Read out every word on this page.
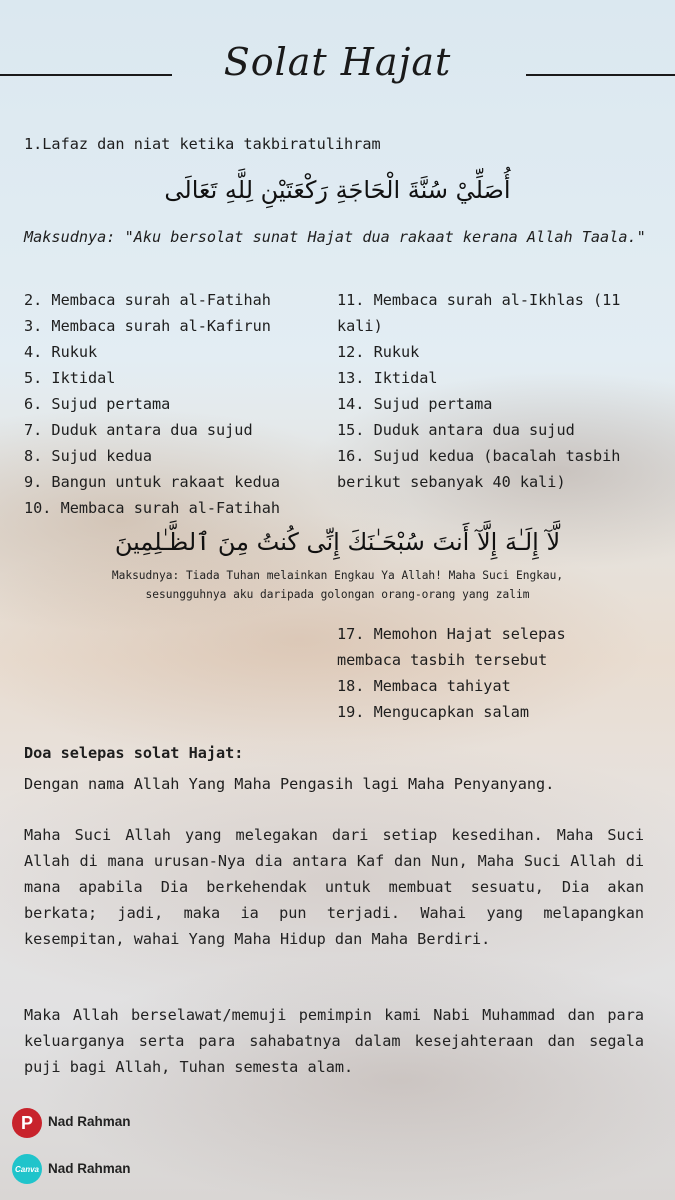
Solat Hajat
1.Lafaz dan niat ketika takbiratulihram
أُصَلِّيْ سُنَّةَ الْحَاجَةِ رَكْعَتَيْنِ لِلَّهِ تَعَالَى
Maksudnya: "Aku bersolat sunat Hajat dua rakaat kerana Allah Taala."
2. Membaca surah al-Fatihah
3. Membaca surah al-Kafirun
4. Rukuk
5. Iktidal
6. Sujud pertama
7. Duduk antara dua sujud
8. Sujud kedua
9. Bangun untuk rakaat kedua
10. Membaca surah al-Fatihah
11. Membaca surah al-Ikhlas (11
kali)
12. Rukuk
13. Iktidal
14. Sujud pertama
15. Duduk antara dua sujud
16. Sujud kedua (bacalah tasbih
berikut sebanyak 40 kali)
لَّآ إِلَـٰهَ إِلَّآ أَنتَ سُبْحَـٰنَكَ إِنِّى كُنتُ مِنَ ٱلظَّـٰلِمِينَ
Maksudnya: Tiada Tuhan melainkan Engkau Ya Allah! Maha Suci Engkau,
sesungguhnya aku daripada golongan orang-orang yang zalim
17. Memohon Hajat selepas
membaca tasbih tersebut
18. Membaca tahiyat
19. Mengucapkan salam
Doa selepas solat Hajat:
Dengan nama Allah Yang Maha Pengasih lagi Maha Penyanyang.
Maha Suci Allah yang melegakan dari setiap kesedihan. Maha Suci Allah di mana urusan-Nya dia antara Kaf dan Nun, Maha Suci Allah di mana apabila Dia berkehendak untuk membuat sesuatu, Dia akan berkata; jadi, maka ia pun terjadi. Wahai yang melapangkan kesempitan, wahai Yang Maha Hidup dan Maha Berdiri.
Maka Allah berselawat/memuji pemimpin kami Nabi Muhammad dan para keluarganya serta para sahabatnya dalam kesejahteraan dan segala puji bagi Allah, Tuhan semesta alam.
P Nad Rahman
Canva Nad Rahman
